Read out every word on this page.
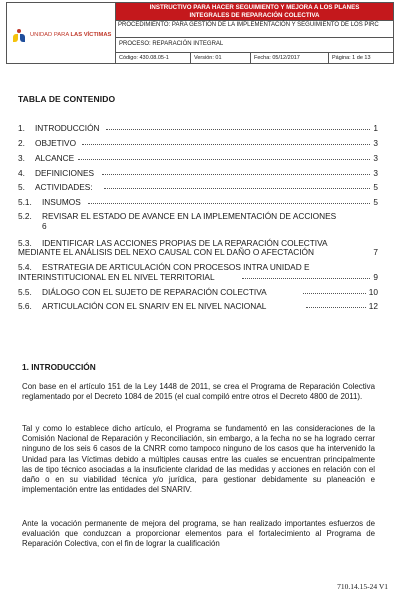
UNIDAD PARA LAS VÍCTIMAS
INSTRUCTIVO PARA HACER SEGUIMIENTO Y MEJORA A LOS PLANES
INTEGRALES DE REPARACIÓN COLECTIVA
PROCEDIMIENTO: PARA GESTIÓN DE LA IMPLEMENTACIÓN Y SEGUIMIENTO DE LOS PIRC
PROCESO: REPARACIÓN INTEGRAL
Código: 430.08.05-1	Versión: 01	Fecha: 05/12/2017	Página: 1 de 13
TABLA DE CONTENIDO
1. INTRODUCCIÓN	1
2. OBJETIVO	3
3. ALCANCE	3
4. DEFINICIONES	3
5. ACTIVIDADES:	5
5.1. INSUMOS	5
5.2. REVISAR EL ESTADO DE AVANCE EN LA IMPLEMENTACIÓN DE ACCIONES
6
5.3. IDENTIFICAR LAS ACCIONES PROPIAS DE LA REPARACIÓN COLECTIVA
MEDIANTE EL ANÁLISIS DEL NEXO CAUSAL CON EL DAÑO O AFECTACIÓN	7
5.4. ESTRATEGIA DE ARTICULACIÓN CON PROCESOS INTRA UNIDAD E
INTERINSTITUCIONAL EN EL NIVEL TERRITORIAL	9
5.5. DIÁLOGO CON EL SUJETO DE REPARACIÓN COLECTIVA	10
5.6. ARTICULACIÓN CON EL SNARIV EN EL NIVEL NACIONAL	12
1. INTRODUCCIÓN
Con base en el artículo 151 de la Ley 1448 de 2011, se crea el Programa de Reparación Colectiva reglamentado por el Decreto 1084 de 2015 (el cual compiló entre otros el Decreto 4800 de 2011).
Tal y como lo establece dicho artículo, el Programa se fundamentó en las consideraciones de la Comisión Nacional de Reparación y Reconciliación, sin embargo, a la fecha no se ha logrado cerrar ninguno de los seis 6 casos de la CNRR como tampoco ninguno de los casos que ha intervenido la Unidad para las Víctimas debido a múltiples causas entre las cuales se encuentran principalmente las de tipo técnico asociadas a la insuficiente claridad de las medidas y acciones en relación con el daño o en su viabilidad técnica y/o jurídica, para gestionar debidamente su planeación e implementación entre las entidades del SNARIV.
Ante la vocación permanente de mejora del programa, se han realizado importantes esfuerzos de evaluación que conduzcan a proporcionar elementos para el fortalecimiento al Programa de Reparación Colectiva, con el fin de lograr la cualificación
710.14.15-24 V1
